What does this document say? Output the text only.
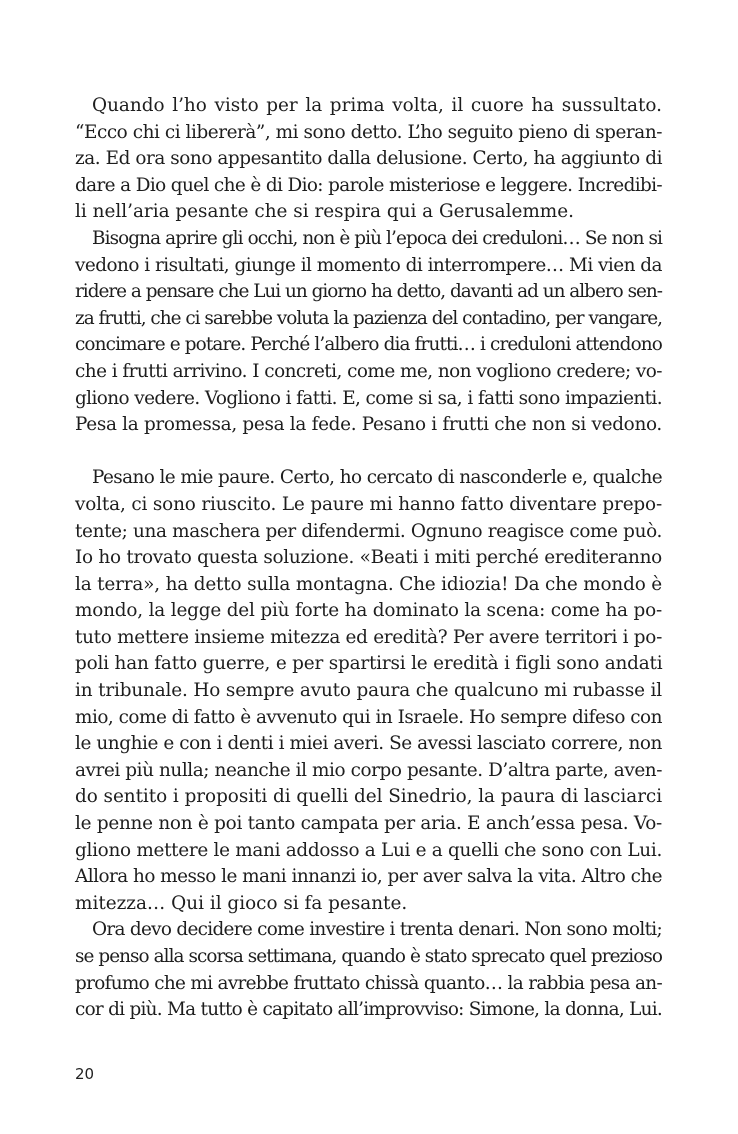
Quando l’ho visto per la prima volta, il cuore ha sussultato.
“Ecco chi ci libererà”, mi sono detto. L’ho seguito pieno di speran-
za. Ed ora sono appesantito dalla delusione. Certo, ha aggiunto di
dare a Dio quel che è di Dio: parole misteriose e leggere. Incredibi-
li nell’aria pesante che si respira qui a Gerusalemme.
Bisogna aprire gli occhi, non è più l’epoca dei creduloni… Se non si
vedono i risultati, giunge il momento di interrompere… Mi vien da
ridere a pensare che Lui un giorno ha detto, davanti ad un albero sen-
za frutti, che ci sarebbe voluta la pazienza del contadino, per vangare,
concimare e potare. Perché l’albero dia frutti… i creduloni attendono
che i frutti arrivino. I concreti, come me, non vogliono credere; vo-
gliono vedere. Vogliono i fatti. E, come si sa, i fatti sono impazienti.
Pesa la promessa, pesa la fede. Pesano i frutti che non si vedono.
Pesano le mie paure. Certo, ho cercato di nasconderle e, qualche
volta, ci sono riuscito. Le paure mi hanno fatto diventare prepo-
tente; una maschera per difendermi. Ognuno reagisce come può.
Io ho trovato questa soluzione. «Beati i miti perché erediteranno
la terra», ha detto sulla montagna. Che idiozia! Da che mondo è
mondo, la legge del più forte ha dominato la scena: come ha po-
tuto mettere insieme mitezza ed eredità? Per avere territori i po-
poli han fatto guerre, e per spartirsi le eredità i figli sono andati
in tribunale. Ho sempre avuto paura che qualcuno mi rubasse il
mio, come di fatto è avvenuto qui in Israele. Ho sempre difeso con
le unghie e con i denti i miei averi. Se avessi lasciato correre, non
avrei più nulla; neanche il mio corpo pesante. D’altra parte, aven-
do sentito i propositi di quelli del Sinedrio, la paura di lasciarci
le penne non è poi tanto campata per aria. E anch’essa pesa. Vo-
gliono mettere le mani addosso a Lui e a quelli che sono con Lui.
Allora ho messo le mani innanzi io, per aver salva la vita. Altro che
mitezza… Qui il gioco si fa pesante.
Ora devo decidere come investire i trenta denari. Non sono molti;
se penso alla scorsa settimana, quando è stato sprecato quel prezioso
profumo che mi avrebbe fruttato chissà quanto… la rabbia pesa an-
cor di più. Ma tutto è capitato all’improvviso: Simone, la donna, Lui.
20
